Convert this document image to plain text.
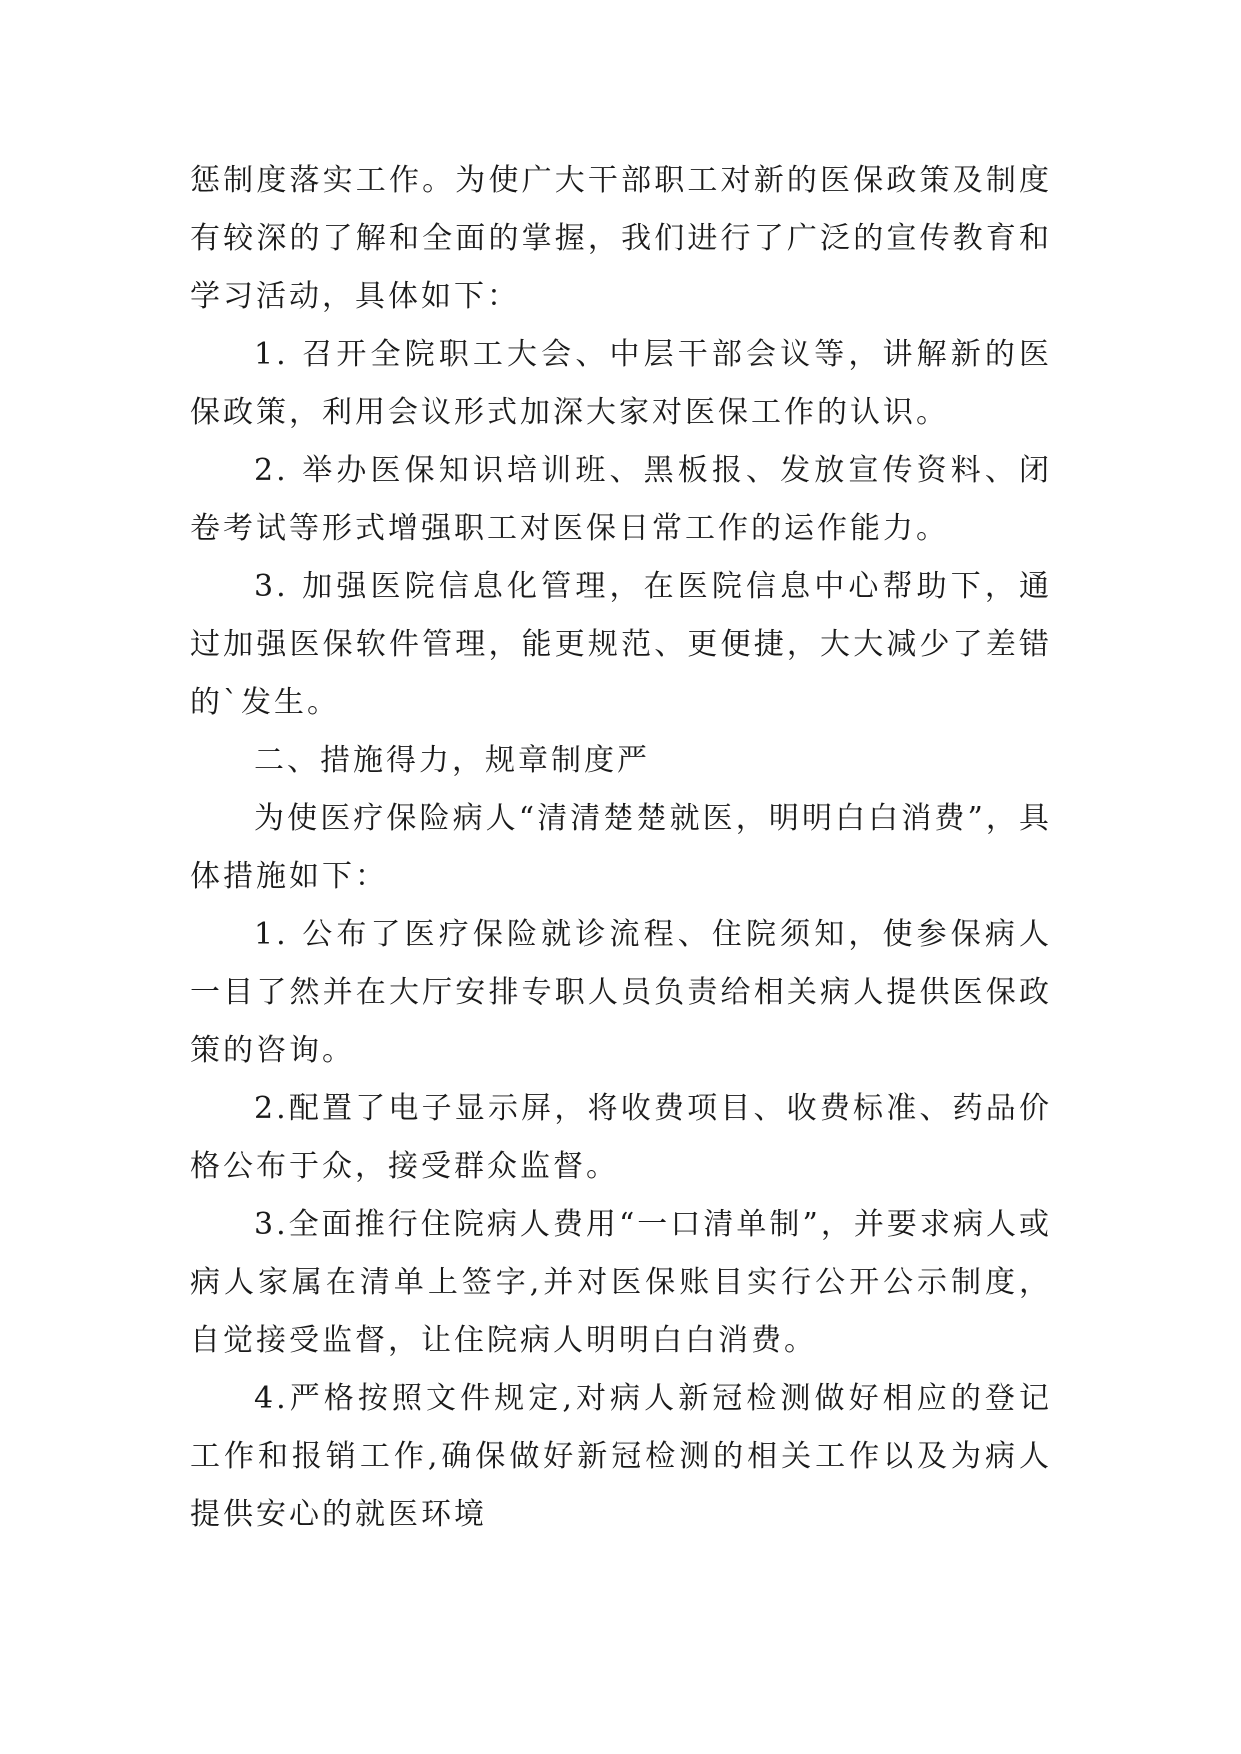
惩制度落实工作。为使广大干部职工对新的医保政策及制度有较深的了解和全面的掌握，我们进行了广泛的宣传教育和学习活动，具体如下：

1. 召开全院职工大会、中层干部会议等，讲解新的医保政策，利用会议形式加深大家对医保工作的认识。

2. 举办医保知识培训班、黑板报、发放宣传资料、闭卷考试等形式增强职工对医保日常工作的运作能力。

3. 加强医院信息化管理，在医院信息中心帮助下，通过加强医保软件管理，能更规范、更便捷，大大减少了差错的`发生。

二、措施得力，规章制度严

为使医疗保险病人“清清楚楚就医，明明白白消费”，具体措施如下：

1. 公布了医疗保险就诊流程、住院须知，使参保病人一目了然并在大厅安排专职人员负责给相关病人提供医保政策的咨询。

2.配置了电子显示屏，将收费项目、收费标准、药品价格公布于众，接受群众监督。

3.全面推行住院病人费用“一口清单制”，并要求病人或病人家属在清单上签字,并对医保账目实行公开公示制度，自觉接受监督，让住院病人明明白白消费。

4.严格按照文件规定,对病人新冠检测做好相应的登记工作和报销工作,确保做好新冠检测的相关工作以及为病人提供安心的就医环境
